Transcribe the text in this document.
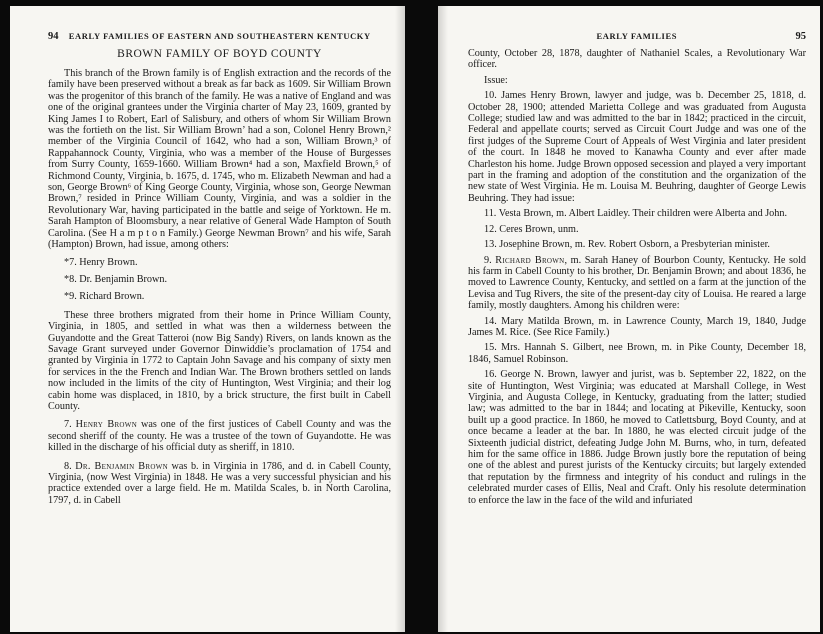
94 EARLY FAMILIES OF EASTERN AND SOUTHEASTERN KENTUCKY
BROWN FAMILY OF BOYD COUNTY

This branch of the Brown family is of English extraction and the records of the family have been preserved without a break as far back as 1609. Sir William Brown was the progenitor of this branch of the family. He was a native of England and was one of the original grantees under the Virginia charter of May 23, 1609, granted by King James I to Robert, Earl of Salisbury, and others of whom Sir William Brown was the fortieth on the list. Sir William Brown’ had a son, Colonel Henry Brown,² member of the Virginia Council of 1642, who had a son, William Brown,³ of Rappahannock County, Virginia, who was a member of the House of Burgesses from Surry County, 1659-1660. William Brown⁴ had a son, Maxfield Brown,⁵ of Richmond County, Virginia, b. 1675, d. 1745, who m. Elizabeth Newman and had a son, George Brown⁶ of King George County, Virginia, whose son, George Newman Brown,⁷ resided in Prince William County, Virginia, and was a soldier in the Revolutionary War, having participated in the battle and seige of Yorktown. He m. Sarah Hampton of Bloomsbury, a near relative of General Wade Hampton of South Carolina. (See H a m p t o n Family.) George Newman Brown⁷ and his wife, Sarah (Hampton) Brown, had issue, among others:

*7. Henry Brown.
*8. Dr. Benjamin Brown.
*9. Richard Brown.

These three brothers migrated from their home in Prince William County, Virginia, in 1805, and settled in what was then a wilderness between the Guyandotte and the Great Tatteroi (now Big Sandy) Rivers, on lands known as the Savage Grant surveyed under Governor Dinwiddie’s proclamation of 1754 and granted by Virginia in 1772 to Captain John Savage and his company of sixty men for services in the the French and Indian War. The Brown brothers settled on lands now included in the limits of the city of Huntington, West Virginia; and their log cabin home was displaced, in 1810, by a brick structure, the first built in Cabell County.

7. Henry Brown was one of the first justices of Cabell County and was the second sheriff of the county. He was a trustee of the town of Guyandotte. He was killed in the discharge of his official duty as sheriff, in 1810.

8. Dr. Benjamin Brown was b. in Virginia in 1786, and d. in Cabell County, Virginia, (now West Virginia) in 1848. He was a very successful physician and his practice extended over a large field. He m. Matilda Scales, b. in North Carolina, 1797, d. in Cabell

EARLY FAMILIES	95

County, October 28, 1878, daughter of Nathaniel Scales, a Revolutionary War officer.

Issue:

10. James Henry Brown, lawyer and judge, was b. December 25, 1818, d. October 28, 1900; attended Marietta College and was graduated from Augusta College; studied law and was admitted to the bar in 1842; practiced in the circuit, Federal and appellate courts; served as Circuit Court Judge and was one of the first judges of the Supreme Court of Appeals of West Virginia and later president of the court. In 1848 he moved to Kanawha County and ever after made Charleston his home. Judge Brown opposed secession and played a very important part in the framing and adoption of the constitution and the organization of the new state of West Virginia. He m. Louisa M. Beuhring, daughter of George Lewis Beuhring. They had issue:

11. Vesta Brown, m. Albert Laidley. Their children were Alberta and John.

12. Ceres Brown, unm.

13. Josephine Brown, m. Rev. Robert Osborn, a Presbyterian minister.

9. Richard Brown, m. Sarah Haney of Bourbon County, Kentucky. He sold his farm in Cabell County to his brother, Dr. Benjamin Brown; and about 1836, he moved to Lawrence County, Kentucky, and settled on a farm at the junction of the Levisa and Tug Rivers, the site of the present-day city of Louisa. He reared a large family, mostly daughters. Among his children were:

14. Mary Matilda Brown, m. in Lawrence County, March 19, 1840, Judge James M. Rice. (See Rice Family.)

15. Mrs. Hannah S. Gilbert, nee Brown, m. in Pike County, December 18, 1846, Samuel Robinson.

16. George N. Brown, lawyer and jurist, was b. September 22, 1822, on the site of Huntington, West Virginia; was educated at Marshall College, in West Virginia, and Augusta College, in Kentucky, graduating from the latter; studied law; was admitted to the bar in 1844; and locating at Pikeville, Kentucky, soon built up a good practice. In 1860, he moved to Catlettsburg, Boyd County, and at once became a leader at the bar. In 1880, he was elected circuit judge of the Sixteenth judicial district, defeating Judge John M. Burns, who, in turn, defeated him for the same office in 1886. Judge Brown justly bore the reputation of being one of the ablest and purest jurists of the Kentucky circuits; but largely extended that reputation by the firmness and integrity of his conduct and rulings in the celebrated murder cases of Ellis, Neal and Craft. Only his resolute determination to enforce the law in the face of the wild and infuriated
